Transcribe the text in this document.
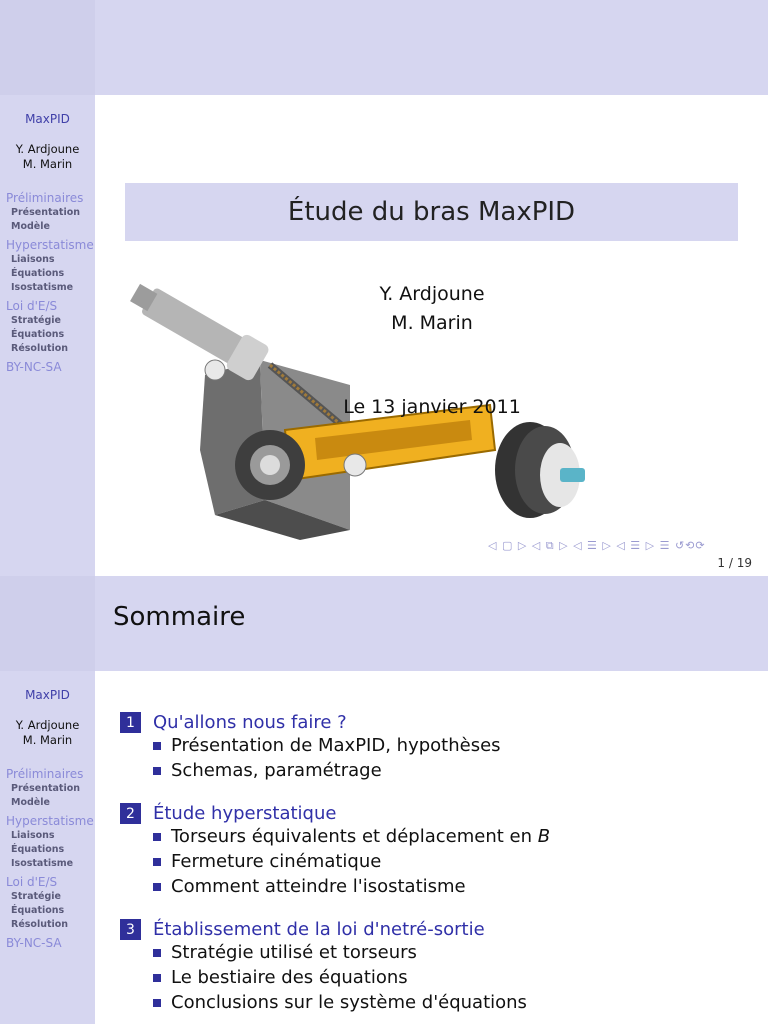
MaxPID
Y. Ardjoune
M. Marin
Préliminaires
Présentation
Modèle
Hyperstatisme
Liaisons
Équations
Isostatisme
Loi d'E/S
Stratégie
Équations
Résolution
BY-NC-SA
Étude du bras MaxPID
Y. Ardjoune
M. Marin
Le 13 janvier 2011
◁ ▢ ▷ ◁ ⧉ ▷ ◁ ☰ ▷ ◁ ☰ ▷ ☰ ↺⟲⟳
1 / 19
Sommaire
MaxPID
Y. Ardjoune
M. Marin
Préliminaires
Présentation
Modèle
Hyperstatisme
Liaisons
Équations
Isostatisme
Loi d'E/S
Stratégie
Équations
Résolution
BY-NC-SA
1	Qu'allons nous faire ?
Présentation de MaxPID, hypothèses
Schemas, paramétrage
2	Étude hyperstatique
Torseurs équivalents et déplacement en
B
Fermeture cinématique
Comment atteindre l'isostatisme
3	Établissement de la loi d'netré-sortie
Stratégie utilisé et torseurs
Le bestiaire des équations
Conclusions sur le système d'équations
